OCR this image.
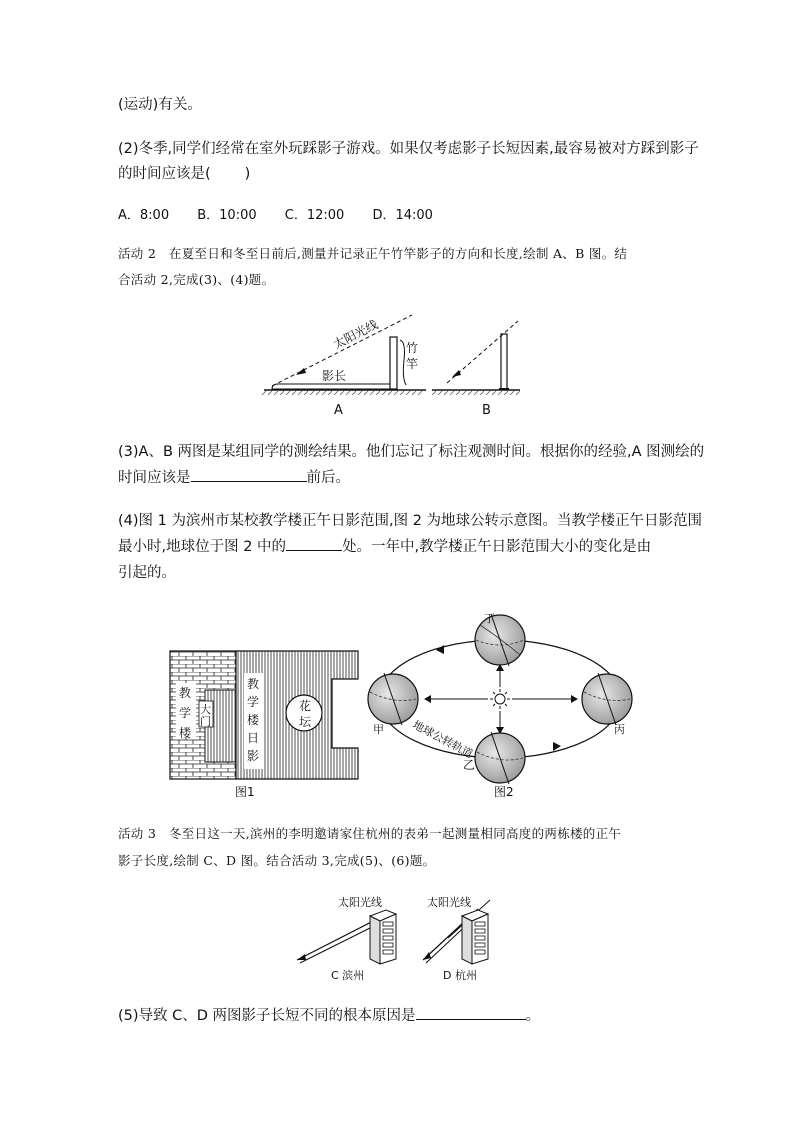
(运动)有关。

(2)冬季,同学们经常在室外玩踩影子游戏。如果仅考虑影子长短因素,最容易被对方踩到影子

的时间应该是( )

A．8:00 B．10:00 C．12:00 D．14:00

活动 2　在夏至日和冬至日前后,测量并记录正午竹竿影子的方向和长度,绘制 A、B 图。结

合活动 2,完成(3)、(4)题。

太阳光线 竹
竿
影长
A	B

(3)A、B 两图是某组同学的测绘结果。他们忘记了标注观测时间。根据你的经验,A 图测绘的

时间应该是	前后。

(4)图 1 为滨州市某校教学楼正午日影范围,图 2 为地球公转示意图。当教学楼正午日影范围

最小时,地球位于图 2 中的	处。一年中,教学楼正午日影范围大小的变化是由

引起的。

教
学
楼
大
门
教
学
楼
日
影
花
坛
图1
丁
甲
乙
丙
地球公转轨道
图2

活动 3　冬至日这一天,滨州的李明邀请家住杭州的表弟一起测量相同高度的两栋楼的正午

影子长度,绘制 C、D 图。结合活动 3,完成(5)、(6)题。

太阳光线
C 滨州
太阳光线
D 杭州

(5)导致 C、D 两图影子长短不同的根本原因是	。
